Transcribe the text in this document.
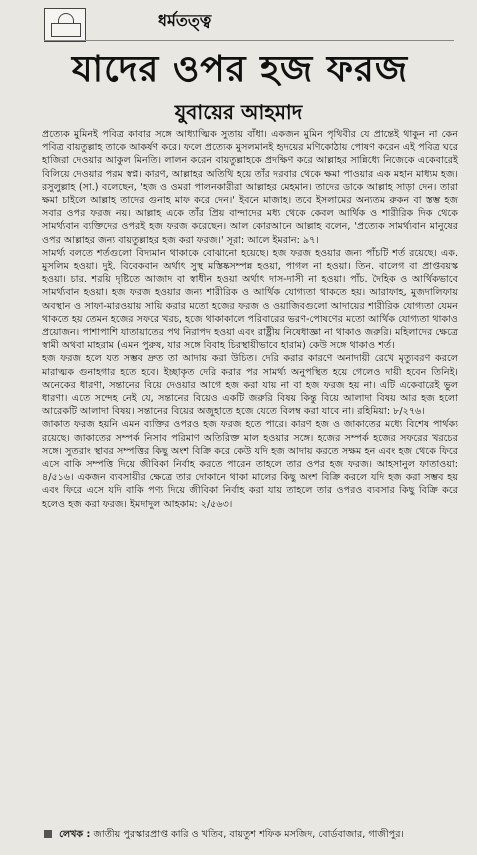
ধর্মতত্ত্ব
যাদের ওপর হজ ফরজ
যুবায়ের আহমাদ

প্রত্যেক মুমিনই পবিত্র কাবার সঙ্গে আধ্যাত্মিক সুতায় বাঁধা। একজন মুমিন পৃথিবীর যে প্রান্তেই থাকুন না কেন পবিত্র বায়তুল্লাহ তাকে আকর্ষণ করে। ফলে প্রত্যেক মুসলমানই হৃদয়ের মণিকোঠায় পোষণ করেন এই পবিত্র ঘরে হাজিরা দেওয়ার আকুল মিনতি। লালন করেন বায়তুল্লাহকে প্রদক্ষিণ করে আল্লাহর সান্নিধ্যে নিজেকে একেবারেই বিলিয়ে দেওয়ার পরম স্বপ্ন। কারণ, আল্লাহর অতিথি হয়ে তাঁর দরবার থেকে ক্ষমা পাওয়ার এক মহান মাধ্যম হজ। রসুলুল্লাহ (সা.) বলেছেন, 'হজ ও ওমরা পালনকারীরা আল্লাহর মেহমান। তাদের ডাকে আল্লাহ সাড়া দেন। তারা ক্ষমা চাইলে আল্লাহ তাদের গুনাহ মাফ করে দেন।' ইবনে মাজাহ। তবে ইসলামের অন্যতম রুকন বা স্তম্ভ হজ সবার ওপর ফরজ নয়। আল্লাহ একে তাঁর প্রিয় বান্দাদের মধ্য থেকে কেবল আর্থিক ও শারীরিক দিক থেকে সামর্থ্যবান ব্যক্তিদের ওপরই হজ ফরজ করেছেন। আল কোরআনে আল্লাহ বলেন, 'প্রত্যেক সামর্থ্যবান মানুষের ওপর আল্লাহর জন্য বায়তুল্লাহর হজ করা ফরজ।' সূরা: আলে ইমরান: ৯৭।

সামর্থ্য বলতে শর্তগুলো বিদ্যমান থাকাকে বোঝানো হয়েছে। হজ ফরজ হওয়ার জন্য পাঁচটি শর্ত রয়েছে। এক. মুসলিম হওয়া। দুই. বিবেকবান অর্থাৎ সুস্থ মস্তিষ্কসম্পন্ন হওয়া, পাগল না হওয়া। তিন. বালেগ বা প্রাপ্তবয়স্ক হওয়া। চার. শরয়ি দৃষ্টিতে আজাদ বা স্বাধীন হওয়া অর্থাৎ দাস-দাসী না হওয়া। পাঁচ. দৈহিক ও আর্থিকভাবে সামর্থ্যবান হওয়া। হজ ফরজ হওয়ার জন্য শারীরিক ও আর্থিক যোগ্যতা থাকতে হয়। আরাফাহ, মুজদালিফায় অবস্থান ও সাফা-মারওয়ায় সায়ি করার মতো হজের ফরজ ও ওয়াজিবগুলো আদায়ের শারীরিক যোগ্যতা যেমন থাকতে হয় তেমন হজের সফরে খরচ, হজে থাকাকালে পরিবারের ভরণ-পোষণের মতো আর্থিক যোগ্যতা থাকাও প্রয়োজন। পাশাপাশি যাতায়াতের পথ নিরাপদ হওয়া এবং রাষ্ট্রীয় নিষেধাজ্ঞা না থাকাও জরুরি। মহিলাদের ক্ষেত্রে স্বামী অথবা মাহরাম (এমন পুরুষ, যার সঙ্গে বিবাহ চিরস্থায়ীভাবে হারাম) কেউ সঙ্গে থাকাও শর্ত।

হজ ফরজ হলে যত সম্ভব দ্রুত তা আদায় করা উচিত। দেরি করার কারণে অনাদায়ী রেখে মৃত্যুবরণ করলে মারাত্মক গুনাহগার হতে হবে। ইচ্ছাকৃত দেরি করার পর সামর্থ্য অনুপস্থিত হয়ে গেলেও দায়ী হবেন তিনিই। অনেকের ধারণা, সন্তানের বিয়ে দেওয়ার আগে হজ করা যায় না বা হজ ফরজ হয় না। এটি একেবারেই ভুল ধারণা। এতে সন্দেহ নেই যে, সন্তানের বিয়েও একটি জরুরি বিষয় কিন্তু বিয়ে আলাদা বিষয় আর হজ হলো আরেকটি আলাদা বিষয়। সন্তানের বিয়ের অজুহাতে হজে যেতে বিলম্ব করা যাবে না। রহিমিয়া: ৮/২৭৬।

জাকাত ফরজ হয়নি এমন ব্যক্তির ওপরও হজ ফরজ হতে পারে। কারণ হজ ও জাকাতের মধ্যে বিশেষ পার্থক্য রয়েছে। জাকাতের সম্পর্ক নিসাব পরিমাণ অতিরিক্ত মাল হওয়ার সঙ্গে। হজের সম্পর্ক হজের সফরের খরচের সঙ্গে। সুতরাং স্থাবর সম্পত্তির কিছু অংশ বিক্রি করে কেউ যদি হজ আদায় করতে সক্ষম হন এবং হজ থেকে ফিরে এসে বাকি সম্পত্তি দিয়ে জীবিকা নির্বাহ করতে পারেন তাহলে তার ওপর হজ ফরজ। আহসানুল ফাতাওয়া: ৪/৫১৬। একজন ব্যবসায়ীর ক্ষেত্রে তার দোকানে থাকা মালের কিছু অংশ বিক্রি করলে যদি হজ করা সম্ভব হয় এবং ফিরে এসে যদি বাকি পণ্য দিয়ে জীবিকা নির্বাহ করা যায় তাহলে তার ওপরও ব্যবসার কিছু বিক্রি করে হলেও হজ করা ফরজ। ইমদাদুল আহকাম: ২/৫৬৩।

লেখক : জাতীয় পুরস্কারপ্রাপ্ত কারি ও খতিব, বায়তুশ শফিক মসজিদ, বোর্ডবাজার, গাজীপুর।
